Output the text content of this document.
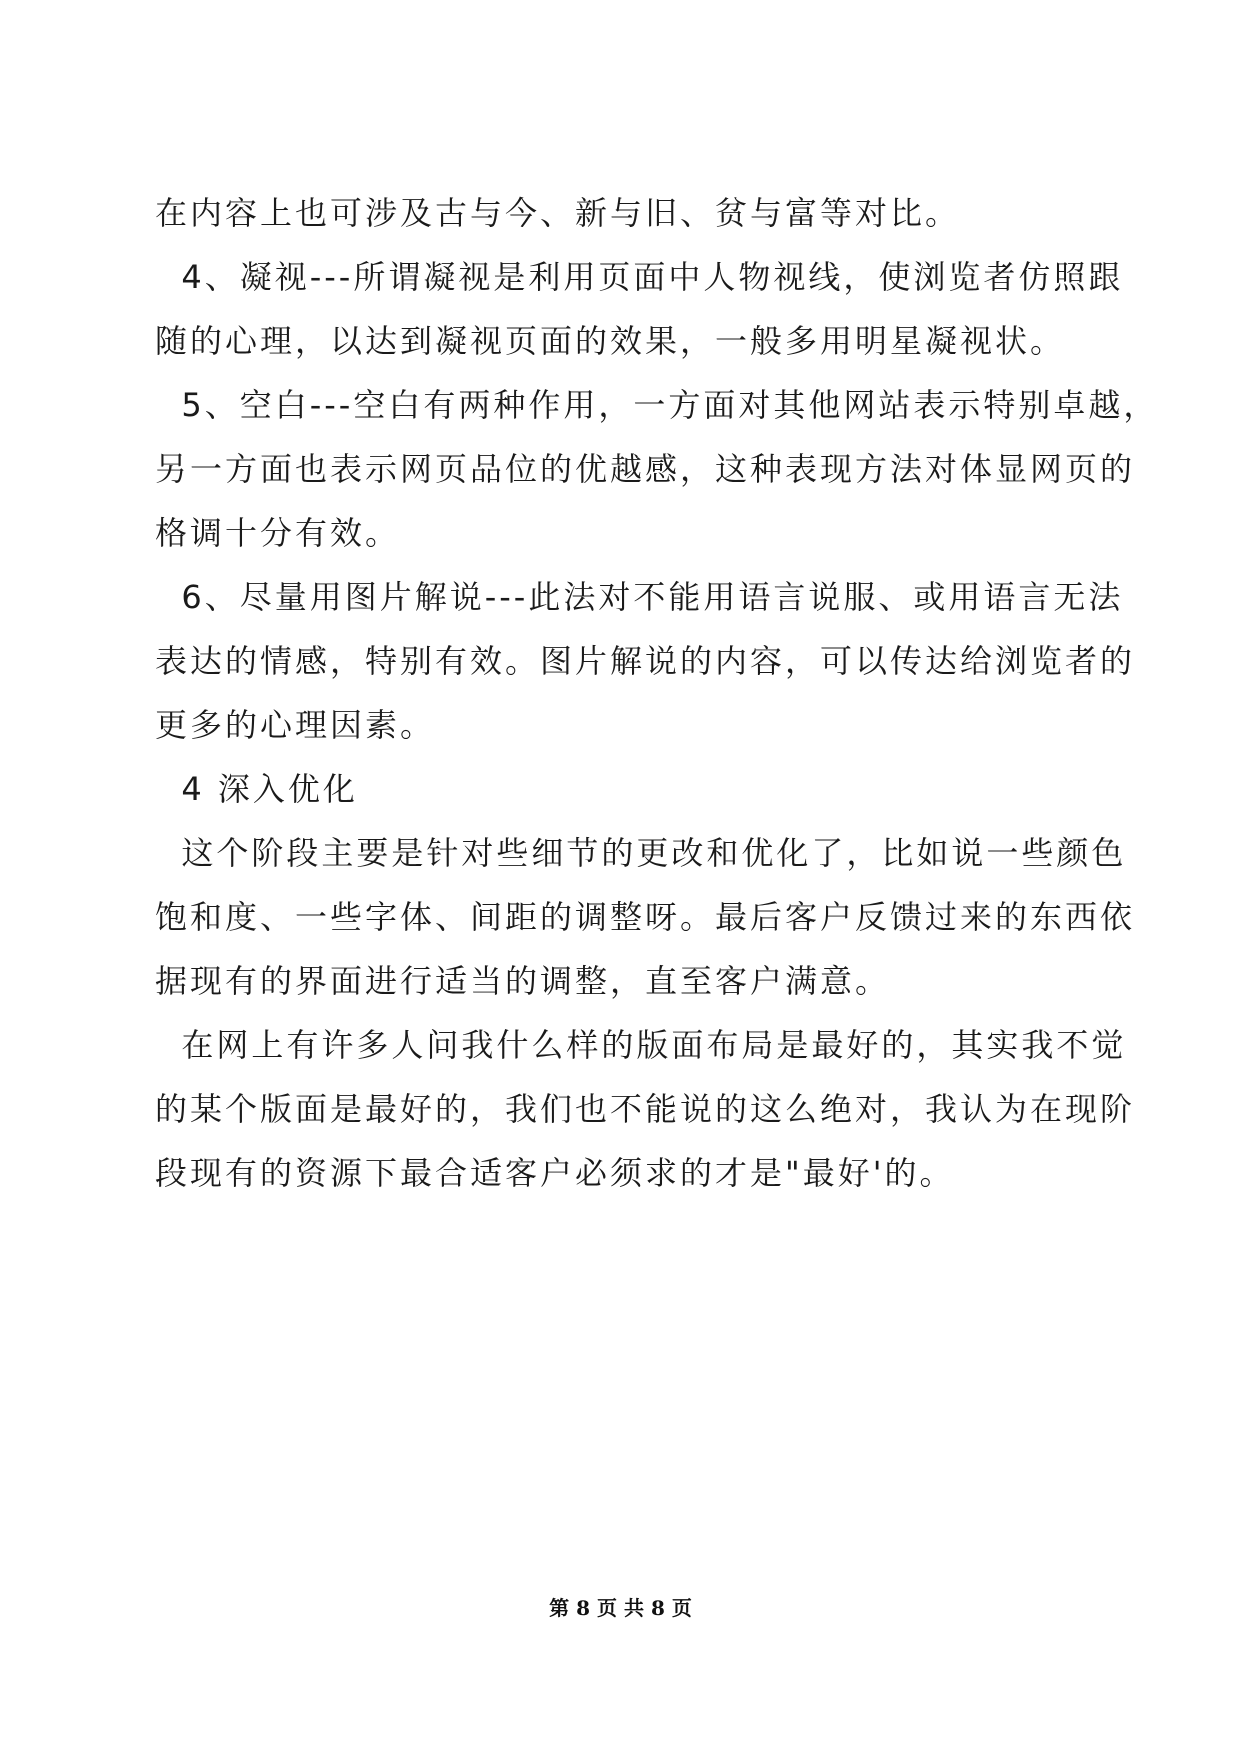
在内容上也可涉及古与今、新与旧、贫与富等对比。
4、凝视---所谓凝视是利用页面中人物视线，使浏览者仿照跟
随的心理，以达到凝视页面的效果，一般多用明星凝视状。
5、空白---空白有两种作用，一方面对其他网站表示特别卓越，
另一方面也表示网页品位的优越感，这种表现方法对体显网页的
格调十分有效。
6、尽量用图片解说---此法对不能用语言说服、或用语言无法
表达的情感，特别有效。图片解说的内容，可以传达给浏览者的
更多的心理因素。
4 深入优化
这个阶段主要是针对些细节的更改和优化了，比如说一些颜色
饱和度、一些字体、间距的调整呀。最后客户反馈过来的东西依
据现有的界面进行适当的调整，直至客户满意。
在网上有许多人问我什么样的版面布局是最好的，其实我不觉
的某个版面是最好的，我们也不能说的这么绝对，我认为在现阶
段现有的资源下最合适客户必须求的才是"最好'的。
第 8 页 共 8 页
